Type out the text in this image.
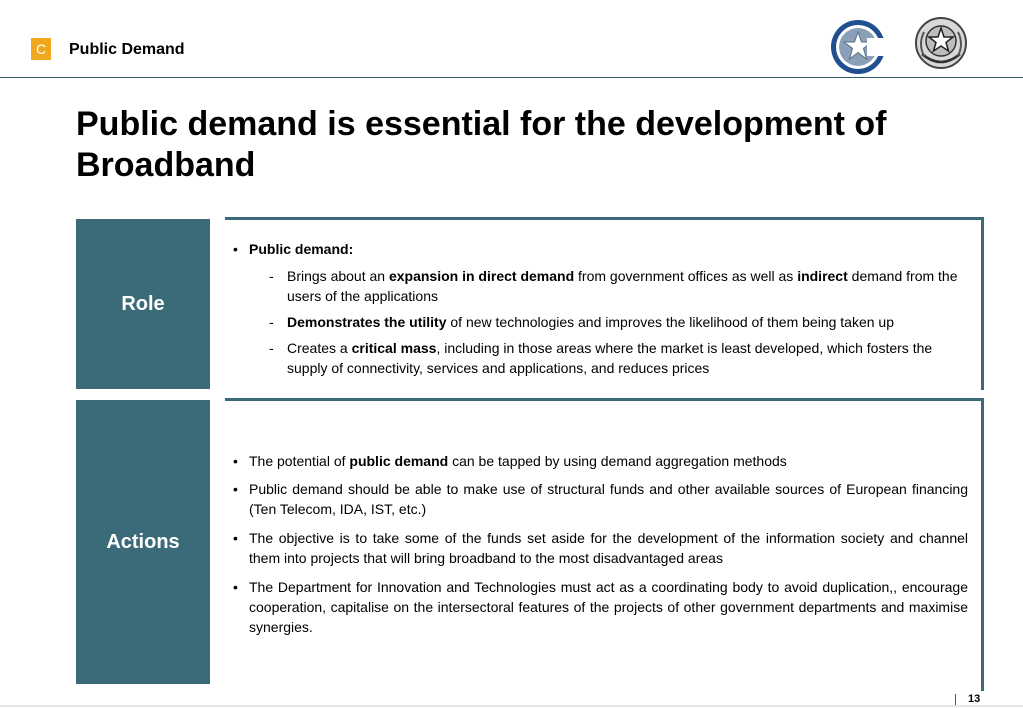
C	Public Demand
Public demand is essential for the development of Broadband
Role
• Public demand:
- Brings about an expansion in direct demand from government offices as well as indirect demand from the users of the applications
- Demonstrates the utility of new technologies and improves the likelihood of them being taken up
- Creates a critical mass, including in those areas where the market is least developed, which fosters the supply of connectivity, services and applications, and reduces prices
Actions
• The potential of public demand can be tapped by using demand aggregation methods
• Public demand should be able to make use of structural funds and other available sources of European financing (Ten Telecom, IDA, IST, etc.)
• The objective is to take some of the funds set aside for the development of the information society and channel them into projects that will bring broadband to the most disadvantaged areas
• The Department for Innovation and Technologies must act as a coordinating body to avoid duplication,, encourage cooperation, capitalise on the intersectoral features of the projects of other government departments and maximise synergies.
13
